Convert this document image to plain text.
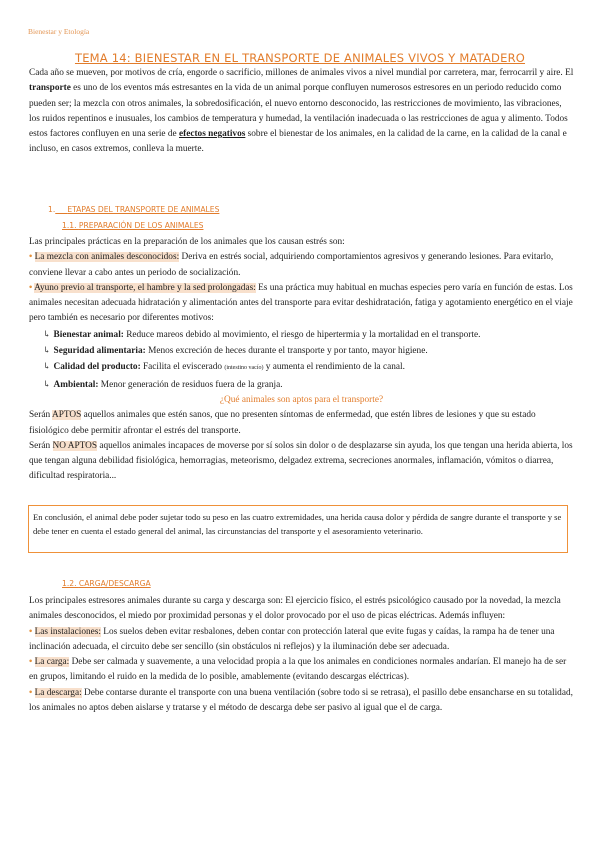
Bienestar y Etología
TEMA 14: BIENESTAR EN EL TRANSPORTE DE ANIMALES VIVOS Y MATADERO

Cada año se mueven, por motivos de cría, engorde o sacrificio, millones de animales vivos a nivel mundial por carretera, mar, ferrocarril y aire. El transporte es uno de los eventos más estresantes en la vida de un animal porque confluyen numerosos estresores en un periodo reducido como pueden ser; la mezcla con otros animales, la sobredosificación, el nuevo entorno desconocido, las restricciones de movimiento, las vibraciones, los ruidos repentinos e inusuales, los cambios de temperatura y humedad, la ventilación inadecuada o las restricciones de agua y alimento. Todos estos factores confluyen en una serie de efectos negativos sobre el bienestar de los animales, en la calidad de la carne, en la calidad de la canal e incluso, en casos extremos, conlleva la muerte.

1. ETAPAS DEL TRANSPORTE DE ANIMALES
1.1. PREPARACIÓN DE LOS ANIMALES

Las principales prácticas en la preparación de los animales que los causan estrés son:

• La mezcla con animales desconocidos: Deriva en estrés social, adquiriendo comportamientos agresivos y generando lesiones. Para evitarlo, conviene llevar a cabo antes un periodo de socialización.

• Ayuno previo al transporte, el hambre y la sed prolongadas: Es una práctica muy habitual en muchas especies pero varía en función de estas. Los animales necesitan adecuada hidratación y alimentación antes del transporte para evitar deshidratación, fatiga y agotamiento energético en el viaje pero también es necesario por diferentes motivos:

↳ Bienestar animal: Reduce mareos debido al movimiento, el riesgo de hipertermia y la mortalidad en el transporte.

↳ Seguridad alimentaria: Menos excreción de heces durante el transporte y por tanto, mayor higiene.

↳ Calidad del producto: Facilita el eviscerado (intestino vacío) y aumenta el rendimiento de la canal.

↳ Ambiental: Menor generación de residuos fuera de la granja.

¿Qué animales son aptos para el transporte?

Serán APTOS aquellos animales que estén sanos, que no presenten síntomas de enfermedad, que estén libres de lesiones y que su estado fisiológico debe permitir afrontar el estrés del transporte.

Serán NO APTOS aquellos animales incapaces de moverse por sí solos sin dolor o de desplazarse sin ayuda, los que tengan una herida abierta, los que tengan alguna debilidad fisiológica, hemorragias, meteorismo, delgadez extrema, secreciones anormales, inflamación, vómitos o diarrea, dificultad respiratoria...

En conclusión, el animal debe poder sujetar todo su peso en las cuatro extremidades, una herida causa dolor y pérdida de sangre durante el transporte y se debe tener en cuenta el estado general del animal, las circunstancias del transporte y el asesoramiento veterinario.
1.2. CARGA/DESCARGA

Los principales estresores animales durante su carga y descarga son: El ejercicio físico, el estrés psicológico causado por la novedad, la mezcla animales desconocidos, el miedo por proximidad personas y el dolor provocado por el uso de picas eléctricas. Además influyen:

• Las instalaciones: Los suelos deben evitar resbalones, deben contar con protección lateral que evite fugas y caídas, la rampa ha de tener una inclinación adecuada, el circuito debe ser sencillo (sin obstáculos ni reflejos) y la iluminación debe ser adecuada.

• La carga: Debe ser calmada y suavemente, a una velocidad propia a la que los animales en condiciones normales andarían. El manejo ha de ser en grupos, limitando el ruido en la medida de lo posible, amablemente (evitando descargas eléctricas).

• La descarga: Debe contarse durante el transporte con una buena ventilación (sobre todo si se retrasa), el pasillo debe ensancharse en su totalidad, los animales no aptos deben aislarse y tratarse y el método de descarga debe ser pasivo al igual que el de carga.
